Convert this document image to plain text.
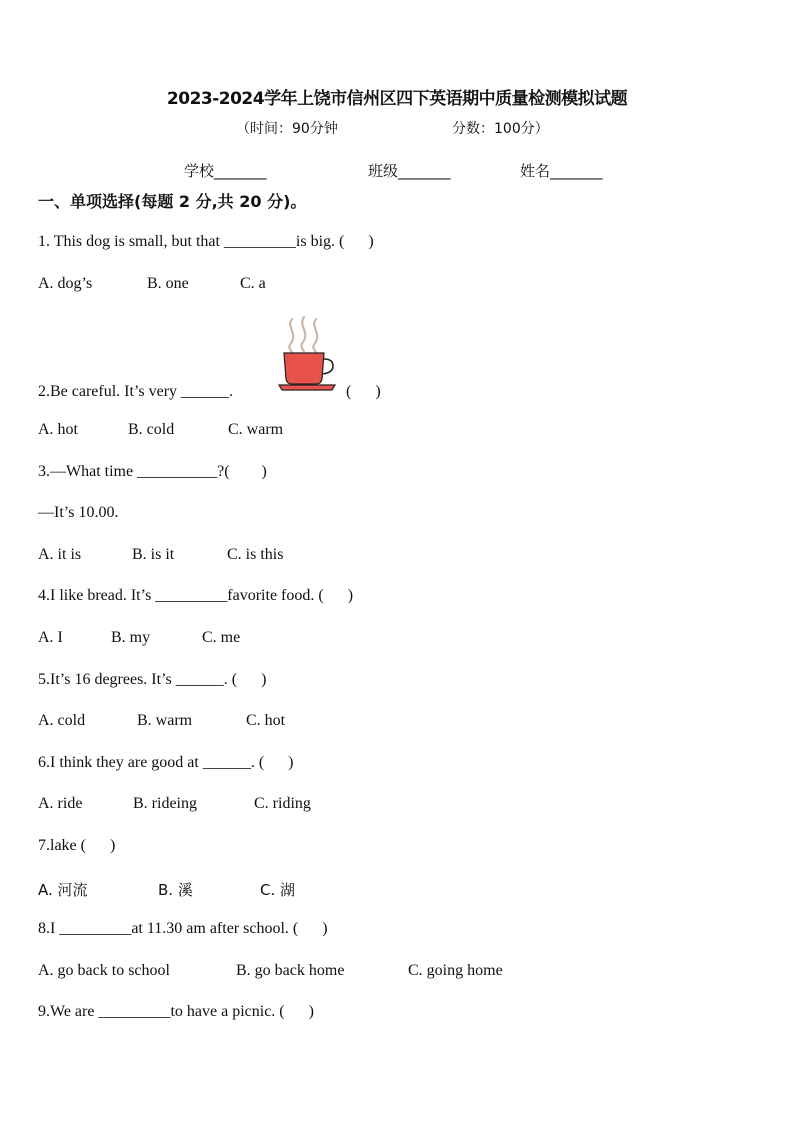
2023-2024学年上饶市信州区四下英语期中质量检测模拟试题
（时间：90分钟	分数：100分）
学校_______	班级_______	姓名_______
一、单项选择(每题 2 分,共 20 分)。
1. This dog is small, but that _________is big. (      )
A. dog’s	B. one	C. a
2.Be careful. It’s very ______.	(      )
A. hot	B. cold	C. warm
3.—What time __________?(        )
—It’s 10.00.
A. it is	B. is it	C. is this
4.I like bread. It’s _________favorite food. (      )
A. I	B. my	C. me
5.It’s 16 degrees. It’s ______. (      )
A. cold	B. warm	C. hot
6.I think they are good at ______. (      )
A. ride	B. rideing	C. riding
7.lake (      )
A. 河流	B. 溪	C. 湖
8.I _________at 11.30 am after school. (      )
A. go back to school	B. go back home	C. going home
9.We are _________to have a picnic. (      )
